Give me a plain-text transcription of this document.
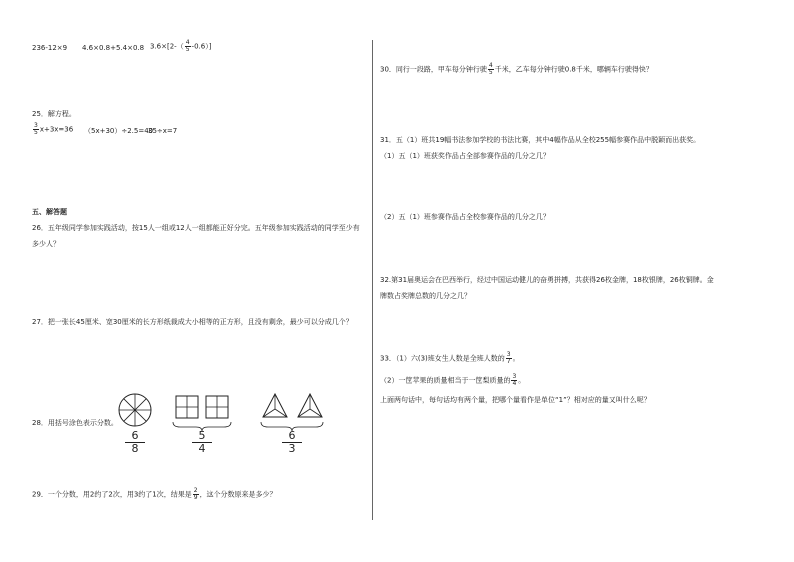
236-12×9 4.6×0.8+5.4×0.8 $3.6\times[2-( \frac{4}{5} -0.6)]$
25．解方程。
$\frac{3}{5} x+3x=36$ （5x+30）÷2.5=40
35÷x=7
五、解答题
26．五年级同学参加实践活动，按15人一组或12人一组都能正好分完。五年级参加实践活动的同学至少有
多少人？
27．把一张长45厘米、宽30厘米的长方形纸裁成大小相等的正方形，且没有剩余，最少可以分成几个？
28．用括号涂色表示分数。
6
8
5
4
6
3
29．一个分数，用2约了2次，用3约了1次，结果是 $\frac{2}{9}$ ，这个分数原来是多少？
30．同行一段路，甲车每分钟行驶 $\frac{4}{5}$ 千米，乙车每分钟行驶0.8千米，哪辆车行驶得快？
31．五（1）班共19幅书法参加学校的书法比赛，其中4幅作品从全校255幅参赛作品中脱颖而出获奖。
（1）五（1）班获奖作品占全部参赛作品的几分之几？
（2）五（1）班参赛作品占全校参赛作品的几分之几？
32.第31届奥运会在巴西举行，经过中国运动健儿的奋勇拼搏，共获得26枚金牌，18枚银牌，26枚铜牌。金
牌数占奖牌总数的几分之几？
33．（1）六(3)班女生人数是全班人数的 $\frac{3}{7}$ 。
（2）一筐苹果的质量相当于一筐梨质量的 $\frac{3}{4}$ 。
上面两句话中，每句话均有两个量，把哪个量看作是单位“1”？相对应的量又叫什么呢？
